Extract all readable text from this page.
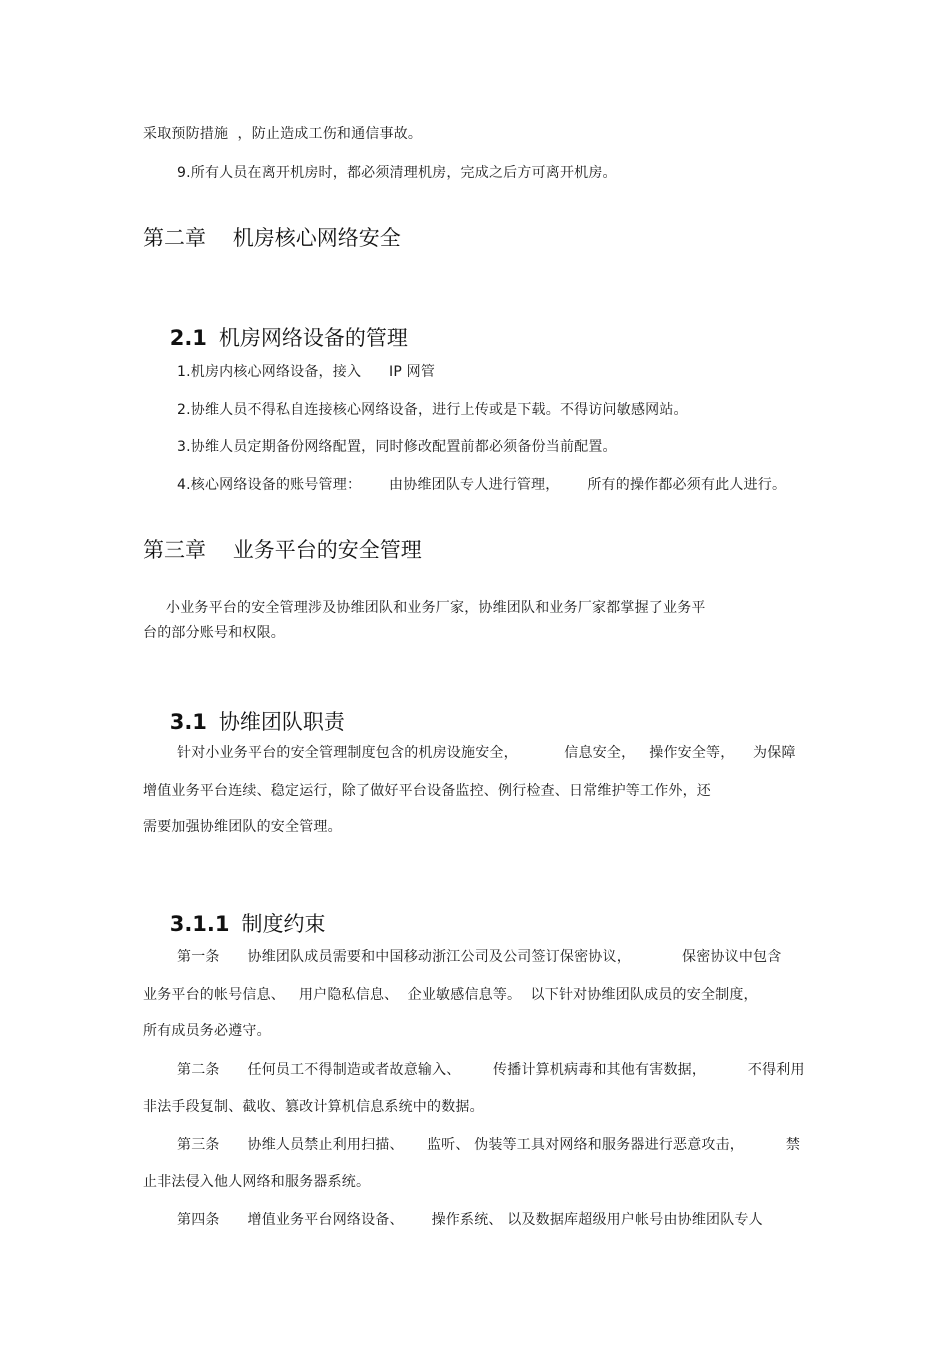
采取预防措施  ，防止造成工伤和通信事故。
9.所有人员在离开机房时，都必须清理机房，完成之后方可离开机房。
第二章    机房核心网络安全

2.1 机房网络设备的管理

1.机房内核心网络设备，接入      IP 网管
2.协维人员不得私自连接核心网络设备，进行上传或是下载。不得访问敏感网站。
3.协维人员定期备份网络配置，同时修改配置前都必须备份当前配置。
4.核心网络设备的账号管理：      由协维团队专人进行管理，      所有的操作都必须有此人进行。
第三章    业务平台的安全管理
小业务平台的安全管理涉及协维团队和业务厂家，协维团队和业务厂家都掌握了业务平
台的部分账号和权限。

3.1 协维团队职责

针对小业务平台的安全管理制度包含的机房设施安全，          信息安全，   操作安全等，    为保障
增值业务平台连续、稳定运行，除了做好平台设备监控、例行检查、日常维护等工作外，还
需要加强协维团队的安全管理。

3.1.1 制度约束

第一条      协维团队成员需要和中国移动浙江公司及公司签订保密协议，           保密协议中包含
业务平台的帐号信息、   用户隐私信息、  企业敏感信息等。  以下针对协维团队成员的安全制度，
所有成员务必遵守。
第二条      任何员工不得制造或者故意输入、       传播计算机病毒和其他有害数据，         不得利用
非法手段复制、截收、篡改计算机信息系统中的数据。
第三条      协维人员禁止利用扫描、     监听、 伪装等工具对网络和服务器进行恶意攻击，         禁
止非法侵入他人网络和服务器系统。
第四条      增值业务平台网络设备、      操作系统、 以及数据库超级用户帐号由协维团队专人
